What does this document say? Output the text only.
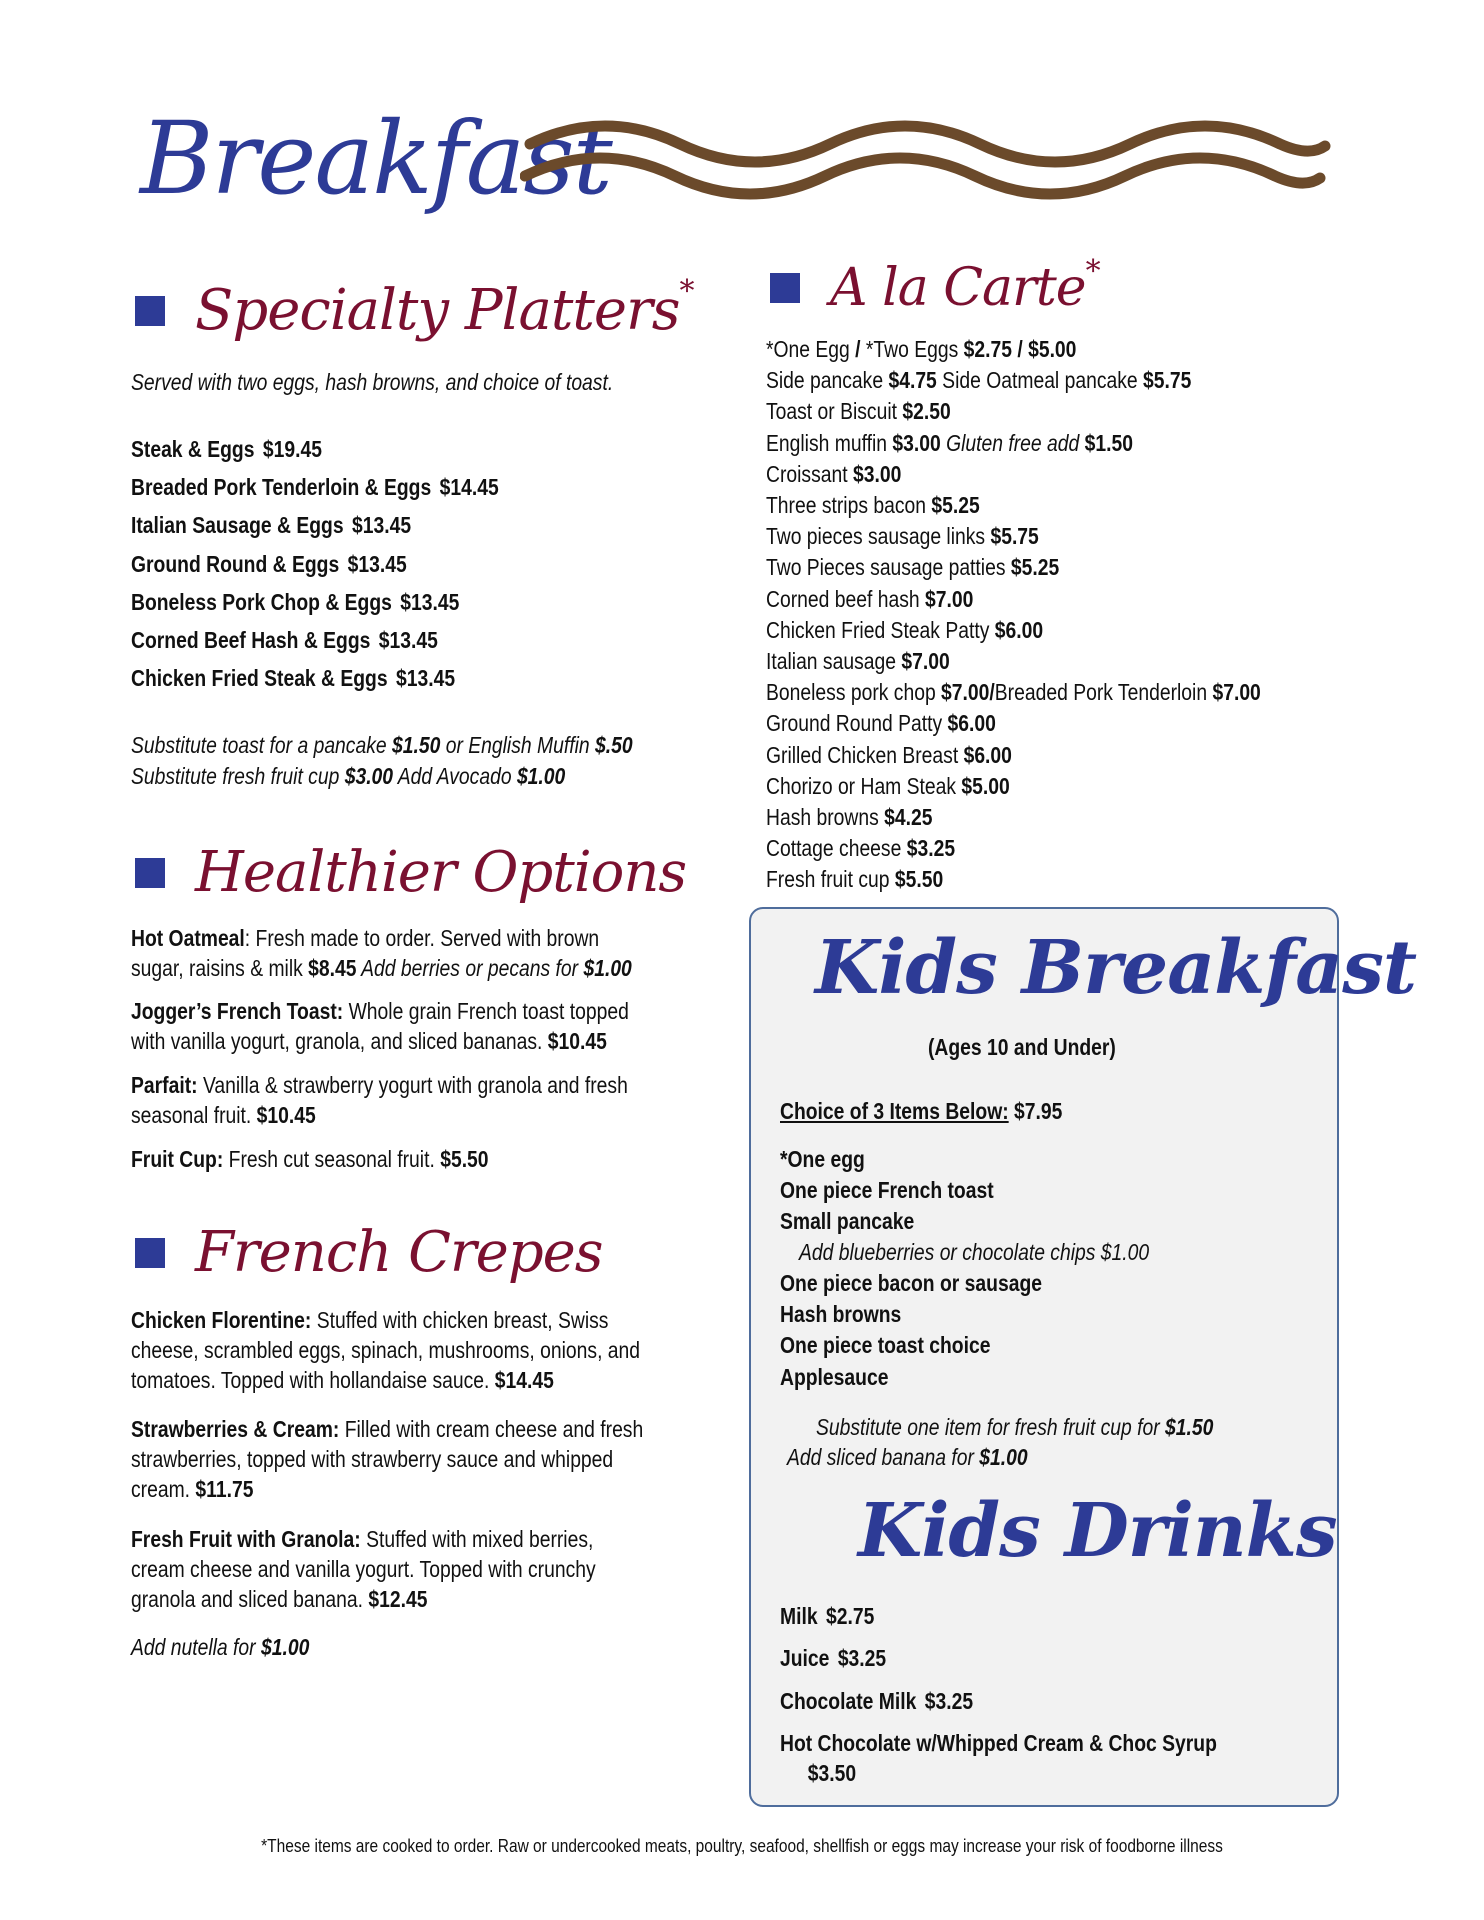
Breakfast
Specialty Platters*
Served with two eggs, hash browns, and choice of toast.
Steak & Eggs $19.45
Breaded Pork Tenderloin & Eggs $14.45
Italian Sausage & Eggs $13.45
Ground Round & Eggs $13.45
Boneless Pork Chop & Eggs $13.45
Corned Beef Hash & Eggs $13.45
Chicken Fried Steak & Eggs $13.45
Substitute toast for a pancake $1.50 or English Muffin $.50
Substitute fresh fruit cup $3.00 Add Avocado $1.00
Healthier Options
Hot Oatmeal: Fresh made to order. Served with brown
sugar, raisins & milk $8.45 Add berries or pecans for $1.00
Jogger’s French Toast: Whole grain French toast topped
with vanilla yogurt, granola, and sliced bananas. $10.45
Parfait: Vanilla & strawberry yogurt with granola and fresh
seasonal fruit. $10.45
Fruit Cup: Fresh cut seasonal fruit. $5.50
French Crepes
Chicken Florentine: Stuffed with chicken breast, Swiss
cheese, scrambled eggs, spinach, mushrooms, onions, and
tomatoes. Topped with hollandaise sauce. $14.45
Strawberries & Cream: Filled with cream cheese and fresh
strawberries, topped with strawberry sauce and whipped
cream. $11.75
Fresh Fruit with Granola: Stuffed with mixed berries,
cream cheese and vanilla yogurt. Topped with crunchy
granola and sliced banana. $12.45
Add nutella for $1.00
A la Carte*
*One Egg / *Two Eggs $2.75 / $5.00
Side pancake $4.75 Side Oatmeal pancake $5.75
Toast or Biscuit $2.50
English muffin $3.00 Gluten free add $1.50
Croissant $3.00
Three strips bacon $5.25
Two pieces sausage links $5.75
Two Pieces sausage patties $5.25
Corned beef hash $7.00
Chicken Fried Steak Patty $6.00
Italian sausage $7.00
Boneless pork chop $7.00/Breaded Pork Tenderloin $7.00
Ground Round Patty $6.00
Grilled Chicken Breast $6.00
Chorizo or Ham Steak $5.00
Hash browns $4.25
Cottage cheese $3.25
Fresh fruit cup $5.50
Kids Breakfast
(Ages 10 and Under)
Choice of 3 Items Below: $7.95
*One egg
One piece French toast
Small pancake
Add blueberries or chocolate chips $1.00
One piece bacon or sausage
Hash browns
One piece toast choice
Applesauce
Substitute one item for fresh fruit cup for $1.50
Add sliced banana for $1.00
Kids Drinks
Milk $2.75
Juice $3.25
Chocolate Milk $3.25
Hot Chocolate w/Whipped Cream & Choc Syrup
$3.50
*These items are cooked to order. Raw or undercooked meats, poultry, seafood, shellfish or eggs may increase your risk of foodborne illness
